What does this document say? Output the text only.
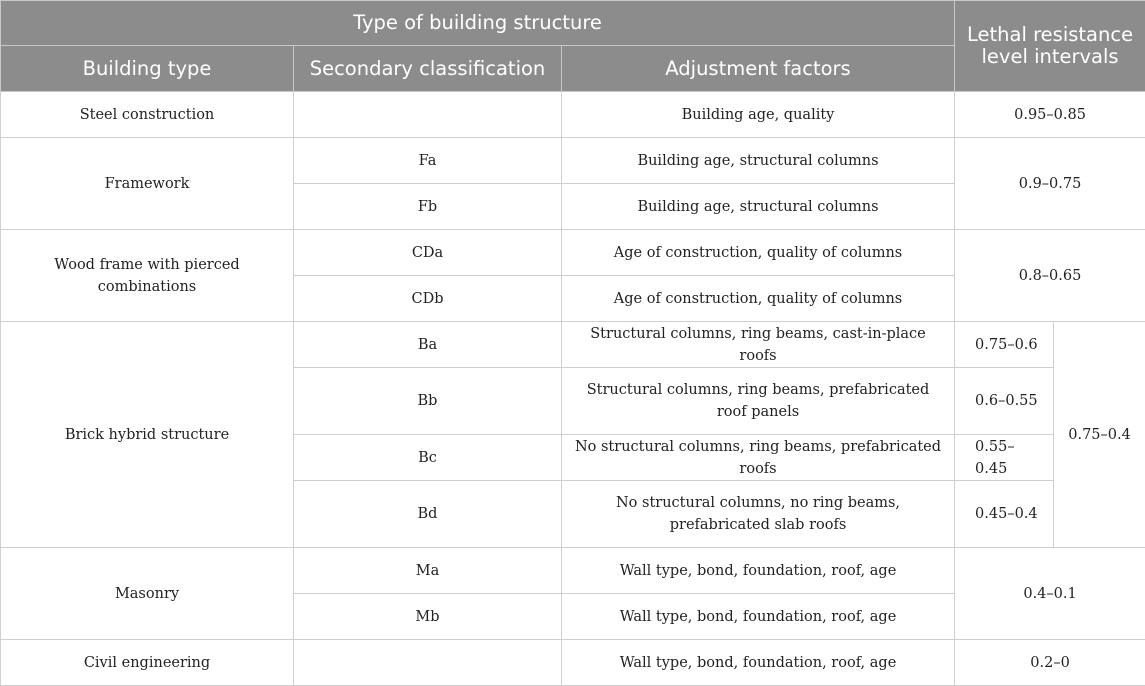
Type of building structure			Lethal resistance level intervals	
Building type	Secondary classification	Adjustment factors		
Steel construction		Building age, quality	0.95–0.85	
Framework	Fa	Building age, structural columns	0.9–0.75	
	Fb	Building age, structural columns		
Wood frame with pierced combinations	CDa	Age of construction, quality of columns	0.8–0.65	
	CDb	Age of construction, quality of columns		
Brick hybrid structure	Ba	Structural columns, ring beams, cast-in-place roofs	0.75–0.6	0.75–0.4
	Bb	Structural columns, ring beams, prefabricated roof panels	0.6–0.55	
	Bc	No structural columns, ring beams, prefabricated roofs	0.55–0.45	
	Bd	No structural columns, no ring beams, prefabricated slab roofs	0.45–0.4	
Masonry	Ma	Wall type, bond, foundation, roof, age	0.4–0.1	
	Mb	Wall type, bond, foundation, roof, age		
Civil engineering		Wall type, bond, foundation, roof, age	0.2–0	
